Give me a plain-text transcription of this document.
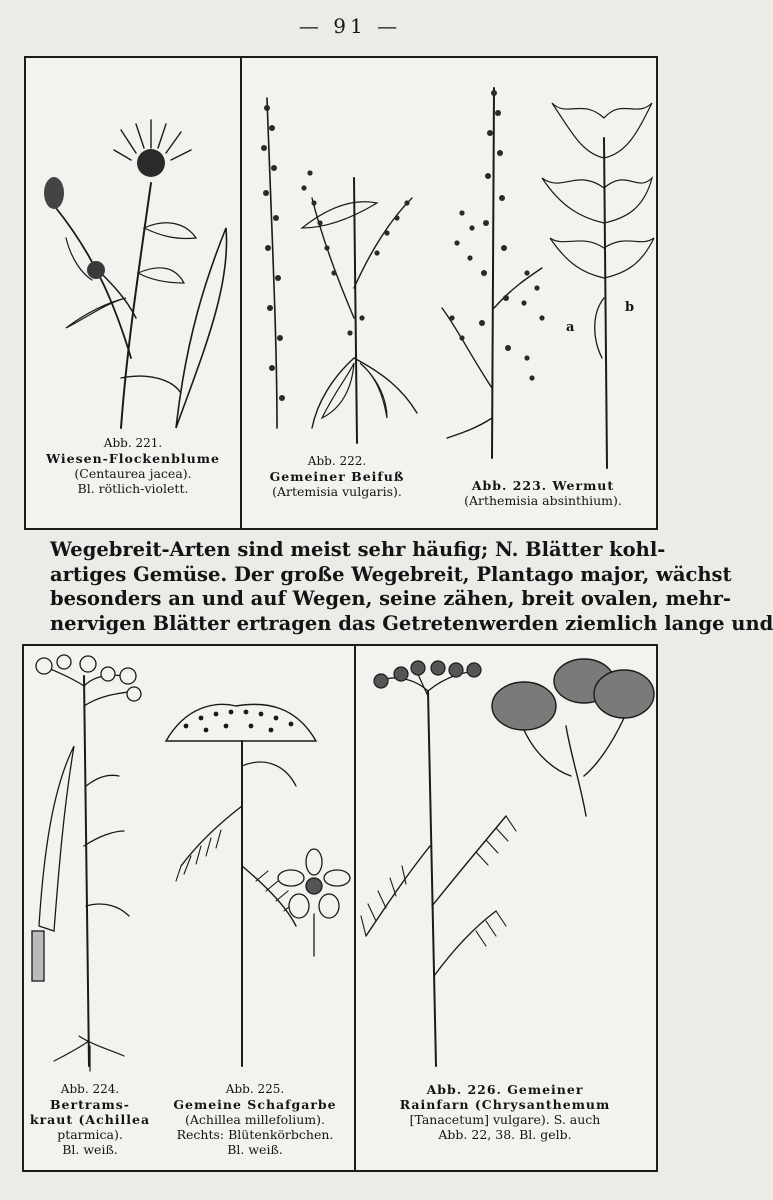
— 91 —
Abb. 221.
Wiesen-Flockenblume
(Centaurea jacea).
Bl. rötlich-violett.
Abb. 222.
Gemeiner Beifuß
(Artemisia vulgaris).
a
b
Abb. 223. Wermut
(Arthemisia absinthium).
Wegebreit-Arten sind meist sehr häufig; N. Blätter kohl-
artiges Gemüse. Der große Wegebreit, Plantago major, wächst
besonders an und auf Wegen, seine zähen, breit ovalen, mehr-
nervigen Blätter ertragen das Getretenwerden ziemlich lange und
Abb. 224.
Bertrams-
kraut (Achillea
ptarmica).
Bl. weiß.
Abb. 225.
Gemeine Schafgarbe
(Achillea millefolium).
Rechts: Blütenkörbchen.
Bl. weiß.
Abb. 226. Gemeiner
Rainfarn (Chrysanthemum
[Tanacetum] vulgare). S. auch
Abb. 22, 38. Bl. gelb.
